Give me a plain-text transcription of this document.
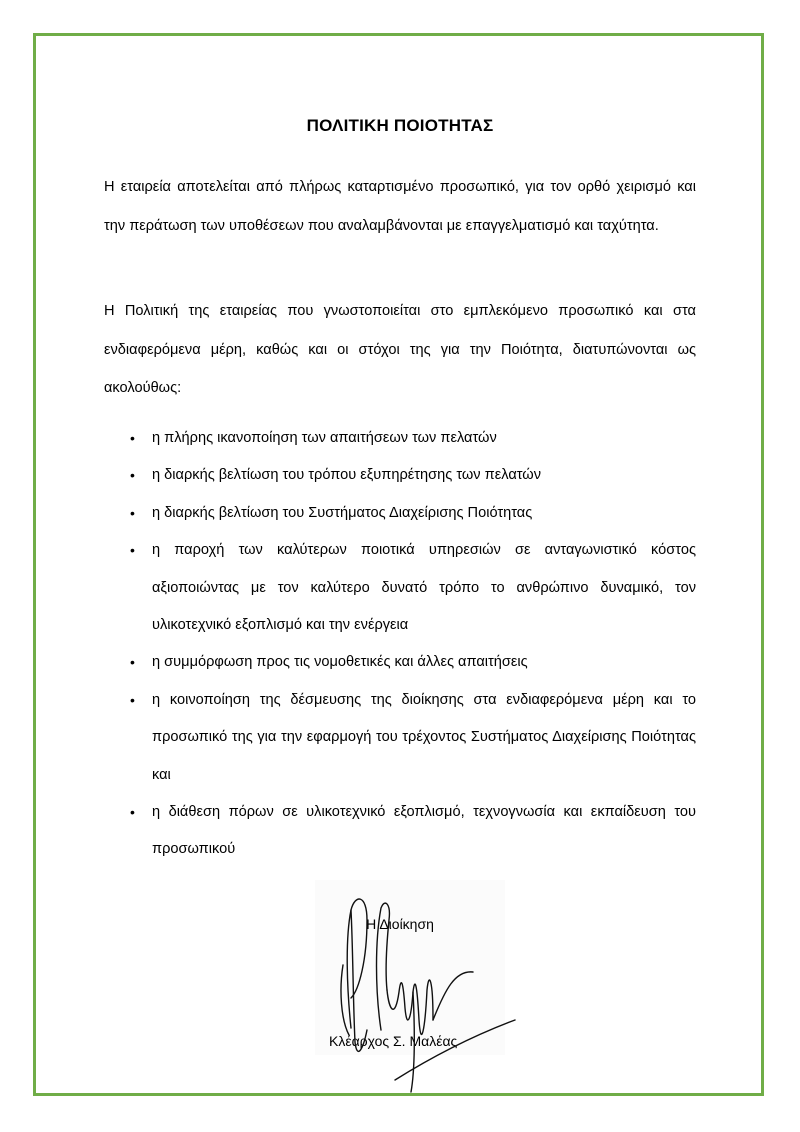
ΠΟΛΙΤΙΚΗ ΠΟΙΟΤΗΤΑΣ

Η εταιρεία αποτελείται από πλήρως καταρτισμένο προσωπικό, για τον ορθό χειρισμό και την περάτωση των υποθέσεων που αναλαμβάνονται με επαγγελματισμό και ταχύτητα.

Η Πολιτική της εταιρείας που γνωστοποιείται στο εμπλεκόμενο προσωπικό και στα ενδιαφερόμενα μέρη, καθώς και οι στόχοι της για την Ποιότητα, διατυπώνονται ως ακολούθως:

• η πλήρης ικανοποίηση των απαιτήσεων των πελατών
• η διαρκής βελτίωση του τρόπου εξυπηρέτησης των πελατών
• η διαρκής βελτίωση του Συστήματος Διαχείρισης Ποιότητας
• η παροχή των καλύτερων ποιοτικά υπηρεσιών σε ανταγωνιστικό κόστος αξιοποιώντας με τον καλύτερο δυνατό τρόπο το ανθρώπινο δυναμικό, τον υλικοτεχνικό εξοπλισμό και την ενέργεια
• η συμμόρφωση προς τις νομοθετικές και άλλες απαιτήσεις
• η κοινοποίηση της δέσμευσης της διοίκησης στα ενδιαφερόμενα μέρη και το προσωπικό της για την εφαρμογή του τρέχοντος Συστήματος Διαχείρισης Ποιότητας και
• η διάθεση πόρων σε υλικοτεχνικό εξοπλισμό, τεχνογνωσία και εκπαίδευση του προσωπικού
Η Διοίκηση
Κλέαρχος Σ. Μαλέας
